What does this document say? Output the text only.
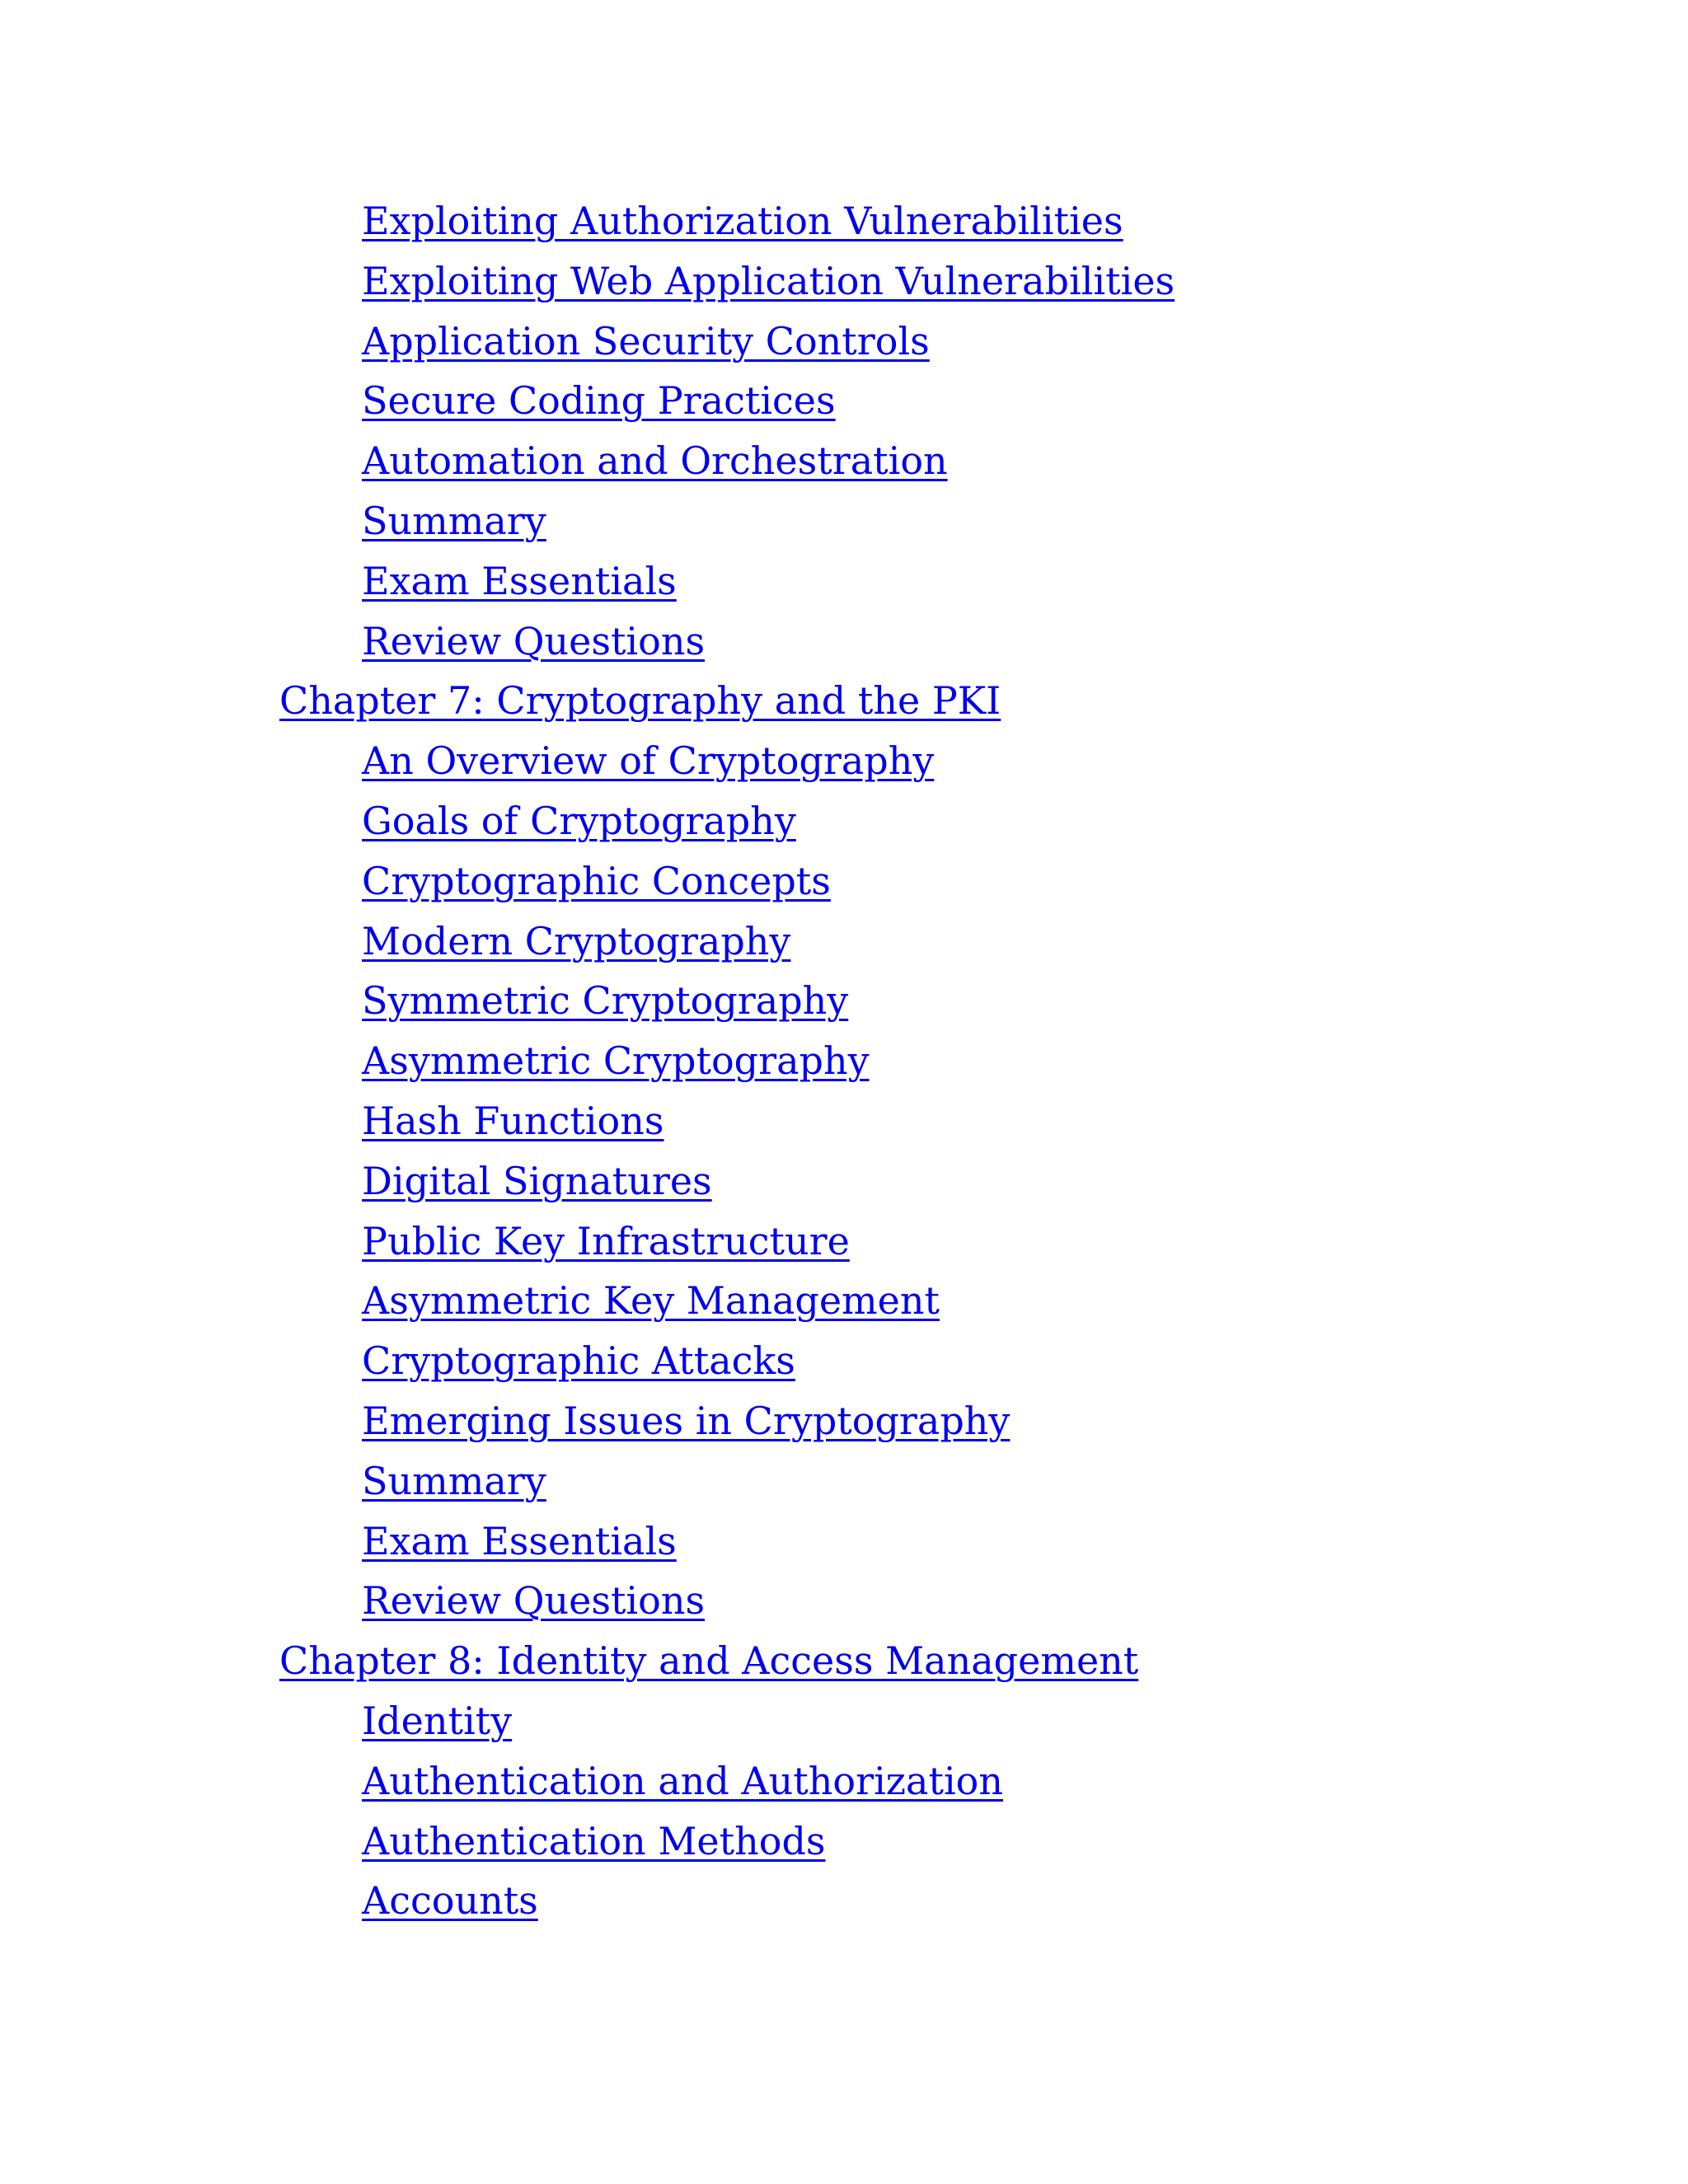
Exploiting Authorization Vulnerabilities
Exploiting Web Application Vulnerabilities
Application Security Controls
Secure Coding Practices
Automation and Orchestration
Summary
Exam Essentials
Review Questions
Chapter 7: Cryptography and the PKI
An Overview of Cryptography
Goals of Cryptography
Cryptographic Concepts
Modern Cryptography
Symmetric Cryptography
Asymmetric Cryptography
Hash Functions
Digital Signatures
Public Key Infrastructure
Asymmetric Key Management
Cryptographic Attacks
Emerging Issues in Cryptography
Summary
Exam Essentials
Review Questions
Chapter 8: Identity and Access Management
Identity
Authentication and Authorization
Authentication Methods
Accounts
